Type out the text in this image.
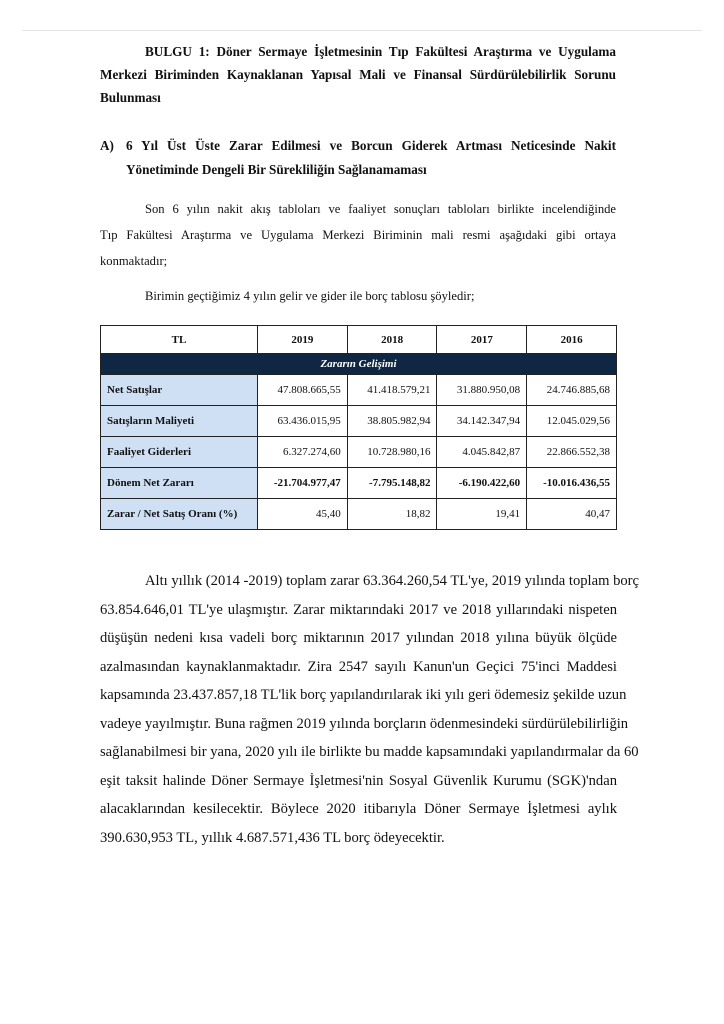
BULGU 1: Döner Sermaye İşletmesinin Tıp Fakültesi Araştırma ve Uygulama
Merkezi Biriminden Kaynaklanan Yapısal Mali ve Finansal Sürdürülebilirlik Sorunu
Bulunması
A) 6 Yıl Üst Üste Zarar Edilmesi ve Borcun Giderek Artması Neticesinde Nakit
Yönetiminde Dengeli Bir Sürekliliğin Sağlanamaması
Son 6 yılın nakit akış tabloları ve faaliyet sonuçları tabloları birlikte incelendiğinde
Tıp Fakültesi Araştırma ve Uygulama Merkezi Biriminin mali resmi aşağıdaki gibi ortaya
konmaktadır;
Birimin geçtiğimiz 4 yılın gelir ve gider ile borç tablosu şöyledir;
TL	2019	2018	2017	2016
Zararın Gelişimi				
Net Satışlar	47.808.665,55	41.418.579,21	31.880.950,08	24.746.885,68
Satışların Maliyeti	63.436.015,95	38.805.982,94	34.142.347,94	12.045.029,56
Faaliyet Giderleri	6.327.274,60	10.728.980,16	4.045.842,87	22.866.552,38
Dönem Net Zararı	-21.704.977,47	-7.795.148,82	-6.190.422,60	-10.016.436,55
Zarar / Net Satış Oranı (%)	45,40	18,82	19,41	40,47
Altı yıllık (2014 -2019) toplam zarar 63.364.260,54 TL'ye, 2019 yılında toplam borç
63.854.646,01 TL'ye ulaşmıştır. Zarar miktarındaki 2017 ve 2018 yıllarındaki nispeten
düşüşün nedeni kısa vadeli borç miktarının 2017 yılından 2018 yılına büyük ölçüde
azalmasından kaynaklanmaktadır. Zira 2547 sayılı Kanun'un Geçici 75'inci Maddesi
kapsamında 23.437.857,18 TL'lik borç yapılandırılarak iki yılı geri ödemesiz şekilde uzun
vadeye yayılmıştır. Buna rağmen 2019 yılında borçların ödenmesindeki sürdürülebilirliğin
sağlanabilmesi bir yana, 2020 yılı ile birlikte bu madde kapsamındaki yapılandırmalar da 60
eşit taksit halinde Döner Sermaye İşletmesi'nin Sosyal Güvenlik Kurumu (SGK)'ndan
alacaklarından kesilecektir. Böylece 2020 itibarıyla Döner Sermaye İşletmesi aylık
390.630,953 TL, yıllık 4.687.571,436 TL borç ödeyecektir.
